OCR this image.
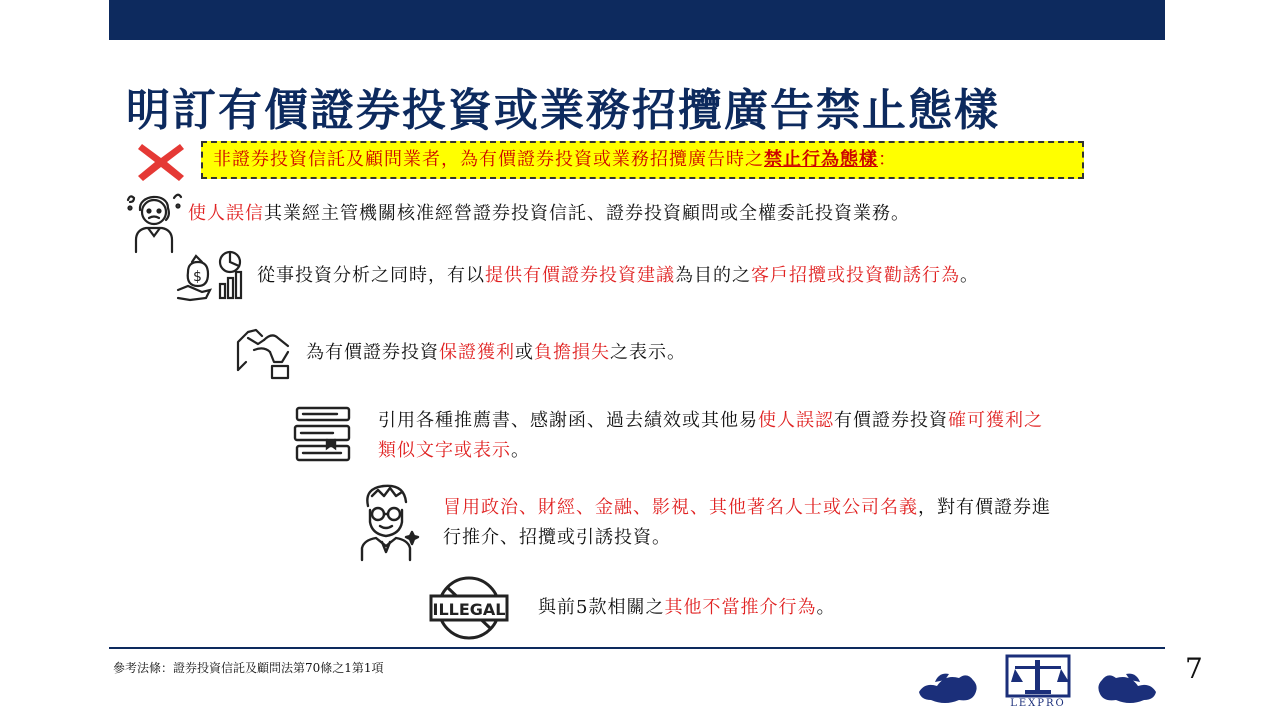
明訂有價證券投資或業務招攬廣告禁止態樣
非證券投資信託及顧問業者，為有價證券投資或業務招攬廣告時之禁止行為態樣：
使人誤信其業經主管機關核准經營證券投資信託、證券投資顧問或全權委託投資業務。
$	從事投資分析之同時，有以提供有價證券投資建議為目的之客戶招攬或投資勸誘行為。
為有價證券投資保證獲利或負擔損失之表示。
引用各種推薦書、感謝函、過去績效或其他易使人誤認有價證券投資確可獲利之
類似文字或表示。
冒用政治、財經、金融、影視、其他著名人士或公司名義，對有價證券進
行推介、招攬或引誘投資。
ILLEGAL 與前5款相關之其他不當推介行為。
參考法條：證券投資信託及顧問法第70條之1第1項
LEXPRO
7
